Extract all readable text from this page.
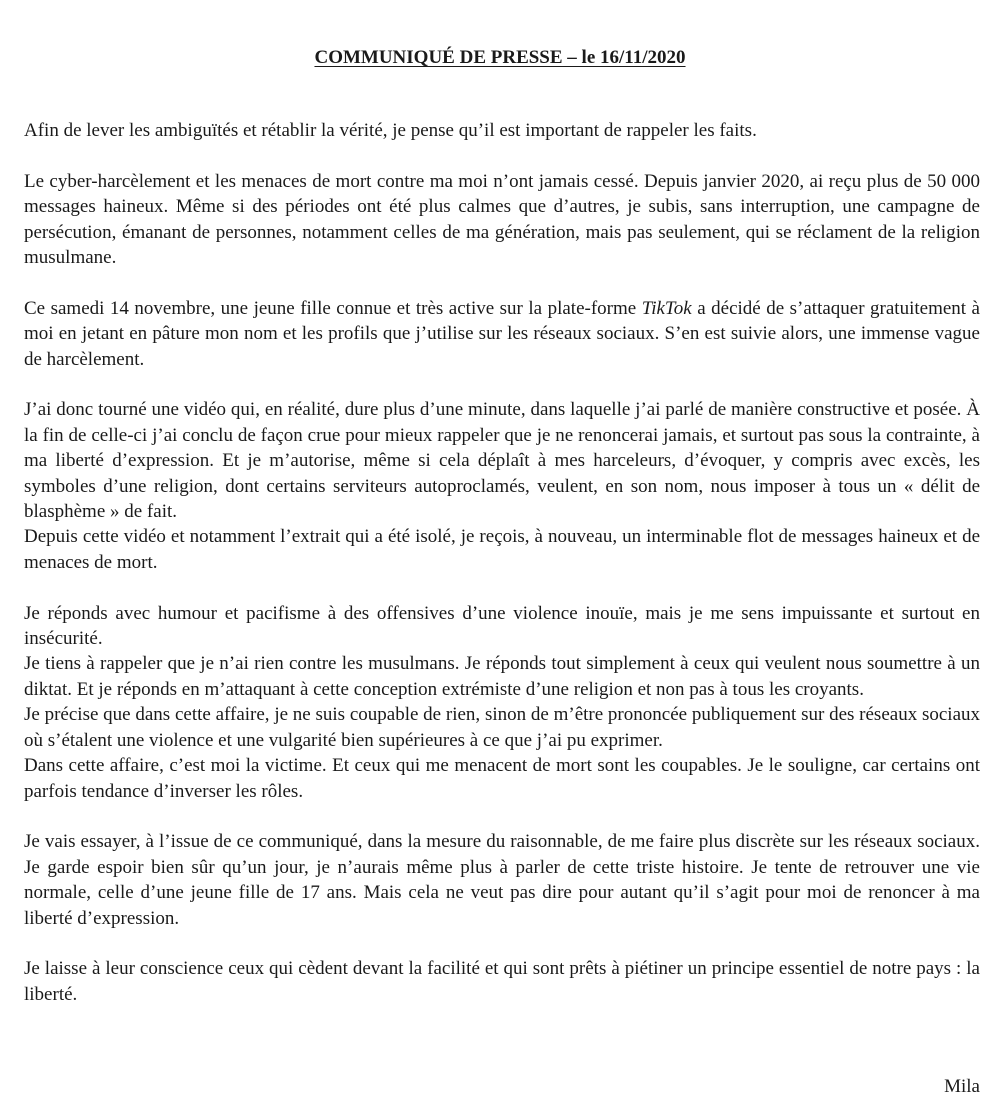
COMMUNIQUÉ DE PRESSE – le 16/11/2020

Afin de lever les ambiguïtés et rétablir la vérité, je pense qu’il est important de rappeler les faits.

Le cyber-harcèlement et les menaces de mort contre ma moi n’ont jamais cessé. Depuis janvier 2020, ai reçu plus de 50 000 messages haineux. Même si des périodes ont été plus calmes que d’autres, je subis, sans interruption, une campagne de persécution, émanant de personnes, notamment celles de ma génération, mais pas seulement, qui se réclament de la religion musulmane.

Ce samedi 14 novembre, une jeune fille connue et très active sur la plate-forme TikTok a décidé de s’attaquer gratuitement à moi en jetant en pâture mon nom et les profils que j’utilise sur les réseaux sociaux. S’en est suivie alors, une immense vague de harcèlement.

J’ai donc tourné une vidéo qui, en réalité, dure plus d’une minute, dans laquelle j’ai parlé de manière constructive et posée. À la fin de celle-ci j’ai conclu de façon crue pour mieux rappeler que je ne renoncerai jamais, et surtout pas sous la contrainte, à ma liberté d’expression. Et je m’autorise, même si cela déplaît à mes harceleurs, d’évoquer, y compris avec excès, les symboles d’une religion, dont certains serviteurs autoproclamés, veulent, en son nom, nous imposer à tous un « délit de blasphème » de fait.

Depuis cette vidéo et notamment l’extrait qui a été isolé, je reçois, à nouveau, un interminable flot de messages haineux et de menaces de mort.

Je réponds avec humour et pacifisme à des offensives d’une violence inouïe, mais je me sens impuissante et surtout en insécurité.

Je tiens à rappeler que je n’ai rien contre les musulmans. Je réponds tout simplement à ceux qui veulent nous soumettre à un diktat. Et je réponds en m’attaquant à cette conception extrémiste d’une religion et non pas à tous les croyants.

Je précise que dans cette affaire, je ne suis coupable de rien, sinon de m’être prononcée publiquement sur des réseaux sociaux où s’étalent une violence et une vulgarité bien supérieures à ce que j’ai pu exprimer.

Dans cette affaire, c’est moi la victime. Et ceux qui me menacent de mort sont les coupables. Je le souligne, car certains ont parfois tendance d’inverser les rôles.

Je vais essayer, à l’issue de ce communiqué, dans la mesure du raisonnable, de me faire plus discrète sur les réseaux sociaux. Je garde espoir bien sûr qu’un jour, je n’aurais même plus à parler de cette triste histoire. Je tente de retrouver une vie normale, celle d’une jeune fille de 17 ans. Mais cela ne veut pas dire pour autant qu’il s’agit pour moi de renoncer à ma liberté d’expression.

Je laisse à leur conscience ceux qui cèdent devant la facilité et qui sont prêts à piétiner un principe essentiel de notre pays : la liberté.

Mila
